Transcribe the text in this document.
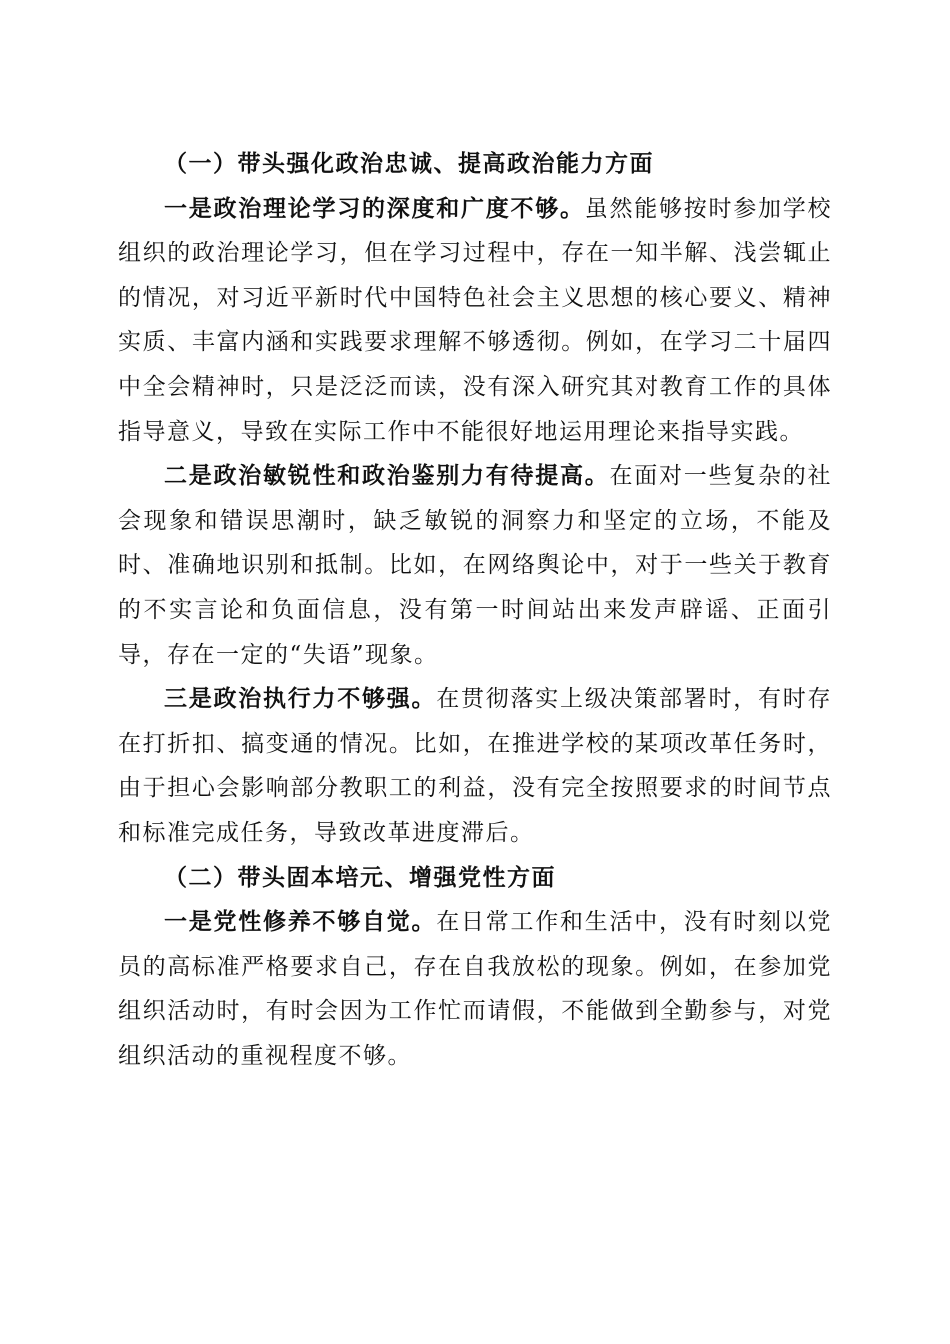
（一）带头强化政治忠诚、提高政治能力方面

一是政治理论学习的深度和广度不够。虽然能够按时参加学校组织的政治理论学习，但在学习过程中，存在一知半解、浅尝辄止的情况，对习近平新时代中国特色社会主义思想的核心要义、精神实质、丰富内涵和实践要求理解不够透彻。例如，在学习二十届四中全会精神时，只是泛泛而读，没有深入研究其对教育工作的具体指导意义，导致在实际工作中不能很好地运用理论来指导实践。

二是政治敏锐性和政治鉴别力有待提高。在面对一些复杂的社会现象和错误思潮时，缺乏敏锐的洞察力和坚定的立场，不能及时、准确地识别和抵制。比如，在网络舆论中，对于一些关于教育的不实言论和负面信息，没有第一时间站出来发声辟谣、正面引导，存在一定的“失语”现象。

三是政治执行力不够强。在贯彻落实上级决策部署时，有时存在打折扣、搞变通的情况。比如，在推进学校的某项改革任务时，由于担心会影响部分教职工的利益，没有完全按照要求的时间节点和标准完成任务，导致改革进度滞后。

（二）带头固本培元、增强党性方面

一是党性修养不够自觉。在日常工作和生活中，没有时刻以党员的高标准严格要求自己，存在自我放松的现象。例如，在参加党组织活动时，有时会因为工作忙而请假，不能做到全勤参与，对党组织活动的重视程度不够。
